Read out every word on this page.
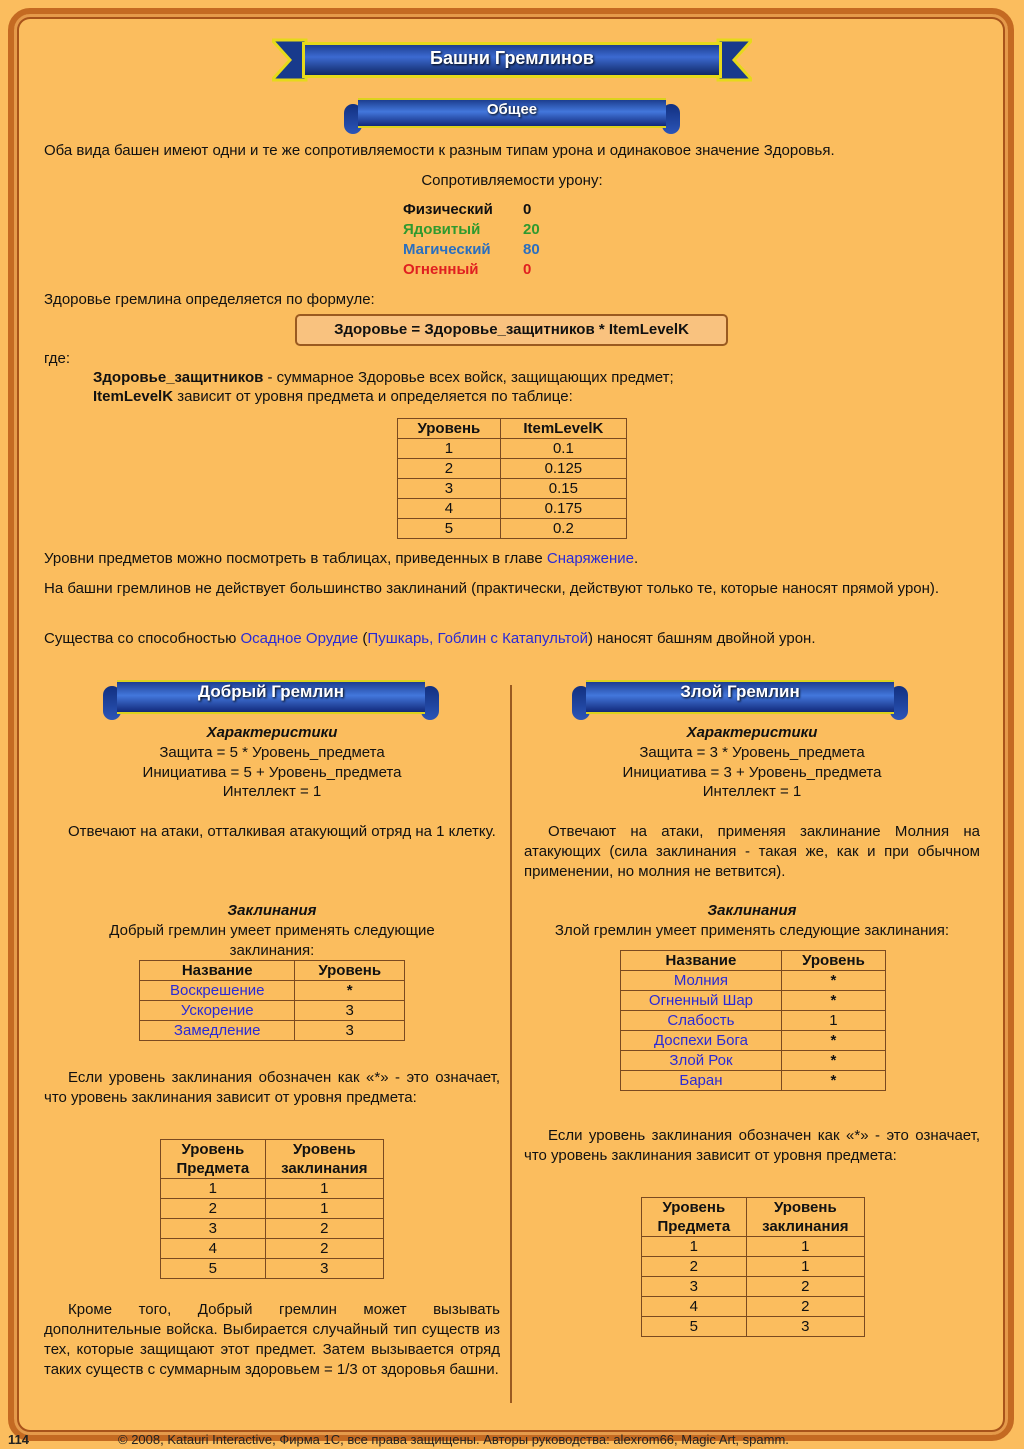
Башни Гремлинов
Общее

Оба вида башен имеют одни и те же сопротивляемости к разным типам урона и одинаковое значение Здоровья.

Сопротивляемости урону:

Физический 0
Ядовитый	20
Магический 80
Огненный	0

Здоровье гремлина определяется по формуле:

Здоровье = Здоровье_защитников * ItemLevelK

где:

Здоровье_защитников - суммарное Здоровье всех войск, защищающих предмет;

ItemLevelK зависит от уровня предмета и определяется по таблице:

Уровень	ItemLevelK
1	0.1
2	0.125
3	0.15
4	0.175
5	0.2

Уровни предметов можно посмотреть в таблицах, приведенных в главе Снаряжение.

На башни гремлинов не действует большинство заклинаний (практически, действуют только те, которые наносят прямой урон).

Существа со способностью Осадное Орудие (Пушкарь, Гоблин с Катапультой) наносят башням двойной урон.

Добрый Гремлин	Злой Гремлин

Характеристики

Защита = 5 * Уровень_предмета

Инициатива = 5 + Уровень_предмета

Интеллект = 1

Отвечают на атаки, отталкивая атакующий отряд на 1 клетку.

Заклинания

Добрый гремлин умеет применять следующие заклинания:

Название	Уровень
Воскрешение	*
Ускорение	3
Замедление	3

Если уровень заклинания обозначен как «*» - это означает, что уровень заклинания зависит от уровня предмета:

Уровень Предмета	Уровень заклинания
1	1
2	1
3	2
4	2
5	3

Кроме того, Добрый гремлин может вызывать дополнительные войска. Выбирается случайный тип существ из тех, которые защищают этот предмет. Затем вызывается отряд таких существ с суммарным здоровьем = 1/3 от здоровья башни.

Характеристики

Защита = 3 * Уровень_предмета

Инициатива = 3 + Уровень_предмета

Интеллект = 1

Отвечают на атаки, применяя заклинание Молния на атакующих (сила заклинания - такая же, как и при обычном применении, но молния не ветвится).

Заклинания

Злой гремлин умеет применять следующие заклинания:

Название	Уровень
Молния	*
Огненный Шар	*
Слабость	1
Доспехи Бога	*
Злой Рок	*
Баран	*

Если уровень заклинания обозначен как «*» - это означает, что уровень заклинания зависит от уровня предмета:

Уровень Предмета	Уровень заклинания
1	1
2	1
3	2
4	2
5	3
114	© 2008, Katauri Interactive, Фирма 1С, все права защищены. Авторы руководства: alexrom66, Magic Art, spamm.
